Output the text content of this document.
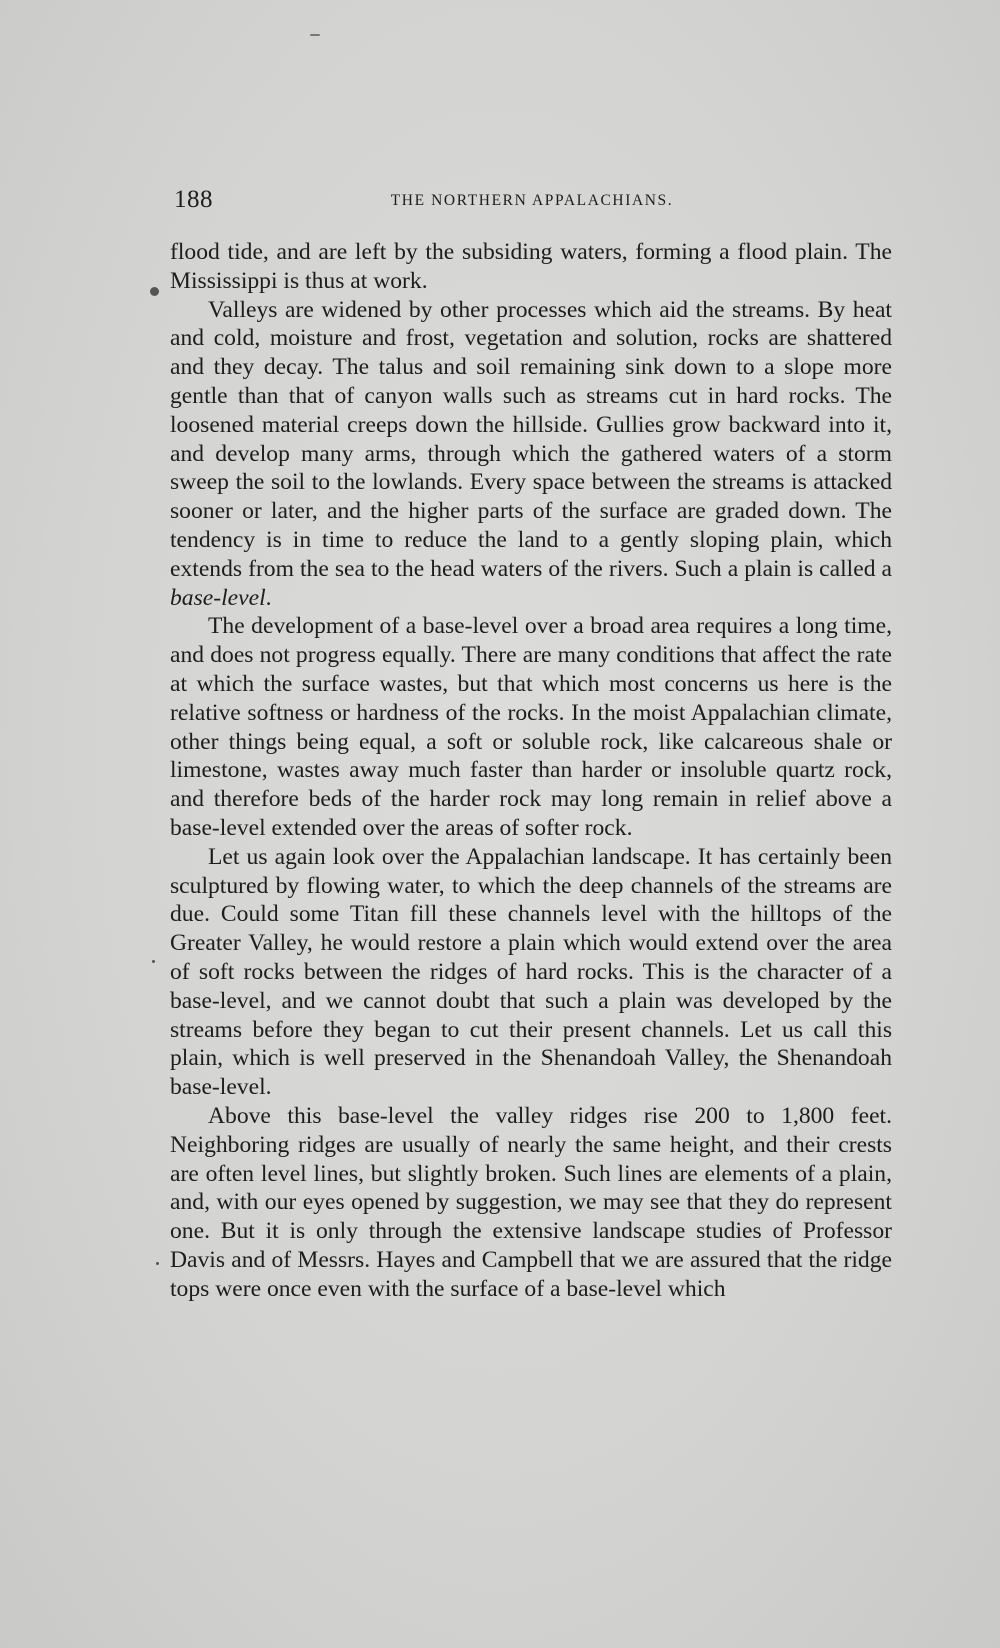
188	THE NORTHERN APPALACHIANS.

flood tide, and are left by the subsiding waters, forming a flood plain. The Mississippi is thus at work.

Valleys are widened by other processes which aid the streams. By heat and cold, moisture and frost, vegetation and solution, rocks are shattered and they decay. The talus and soil remaining sink down to a slope more gentle than that of canyon walls such as streams cut in hard rocks. The loosened material creeps down the hillside. Gullies grow backward into it, and develop many arms, through which the gathered waters of a storm sweep the soil to the lowlands. Every space between the streams is attacked sooner or later, and the higher parts of the surface are graded down. The tendency is in time to reduce the land to a gently sloping plain, which extends from the sea to the head waters of the rivers. Such a plain is called a base-level.

The development of a base-level over a broad area requires a long time, and does not progress equally. There are many conditions that affect the rate at which the surface wastes, but that which most concerns us here is the relative softness or hardness of the rocks. In the moist Appalachian climate, other things being equal, a soft or soluble rock, like calcareous shale or limestone, wastes away much faster than harder or insoluble quartz rock, and therefore beds of the harder rock may long remain in relief above a base-level extended over the areas of softer rock.

Let us again look over the Appalachian landscape. It has certainly been sculptured by flowing water, to which the deep channels of the streams are due. Could some Titan fill these channels level with the hilltops of the Greater Valley, he would restore a plain which would extend over the area of soft rocks between the ridges of hard rocks. This is the character of a base-level, and we cannot doubt that such a plain was developed by the streams before they began to cut their present channels. Let us call this plain, which is well preserved in the Shenandoah Valley, the Shenandoah base-level.

Above this base-level the valley ridges rise 200 to 1,800 feet. Neighboring ridges are usually of nearly the same height, and their crests are often level lines, but slightly broken. Such lines are elements of a plain, and, with our eyes opened by suggestion, we may see that they do represent one. But it is only through the extensive landscape studies of Professor Davis and of Messrs. Hayes and Campbell that we are assured that the ridge tops were once even with the surface of a base-level which
